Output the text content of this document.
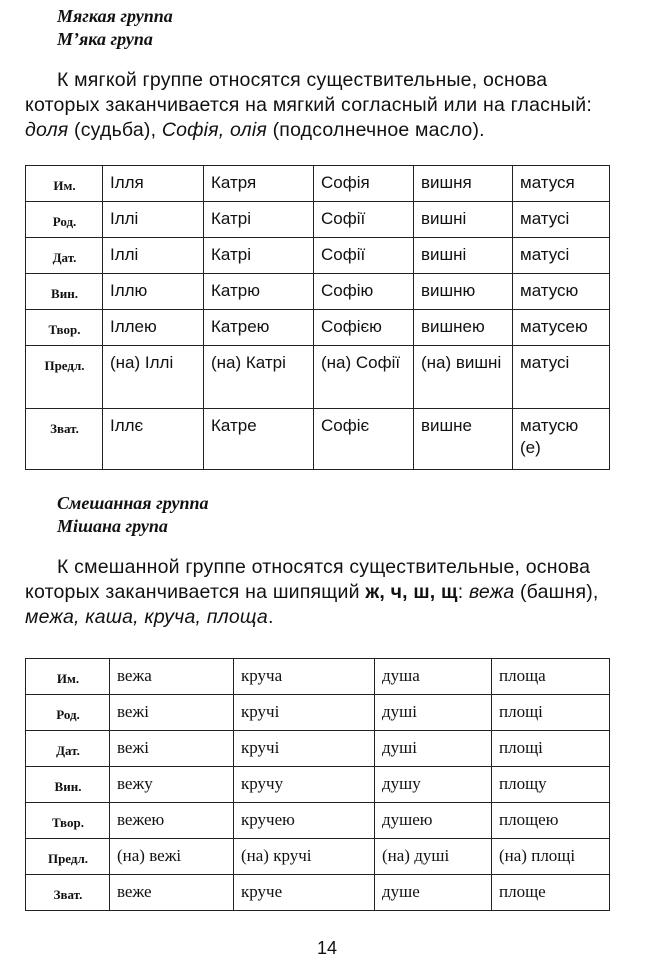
Мягкая группа
М’яка група
К мягкой группе относятся существительные, основа которых заканчивается на мягкий согласный или на гласный: доля (судьба), Софія, олія (подсолнечное масло).
Им.	Ілля	Катря	Софія	вишня	матуся
Род.	Іллі	Катрі	Софії	вишні	матусі
Дат.	Іллі	Катрі	Софії	вишні	матусі
Вин.	Іллю	Катрю	Софію	вишню	матусю
Твор.	Іллею	Катрею	Софією	вишнею	матусею
Предл.	(на) Іллі	(на) Катрі	(на) Софії	(на) вишні	матусі
Зват.	Іллє	Катре	Софіє	вишне	матусю (е)
Смешанная группа
Мішана група
К смешанной группе относятся существительные, основа которых заканчивается на шипящий ж, ч, ш, щ: вежа (башня), межа, каша, круча, площа.
Им.	вежа	круча	душа	площа
Род.	вежі	кручі	душі	площі
Дат.	вежі	кручі	душі	площі
Вин.	вежу	кручу	душу	площу
Твор.	вежею	кручею	душею	площею
Предл.	(на) вежі	(на) кручі	(на) душі	(на) площі
Зват.	веже	круче	душе	площе
14
